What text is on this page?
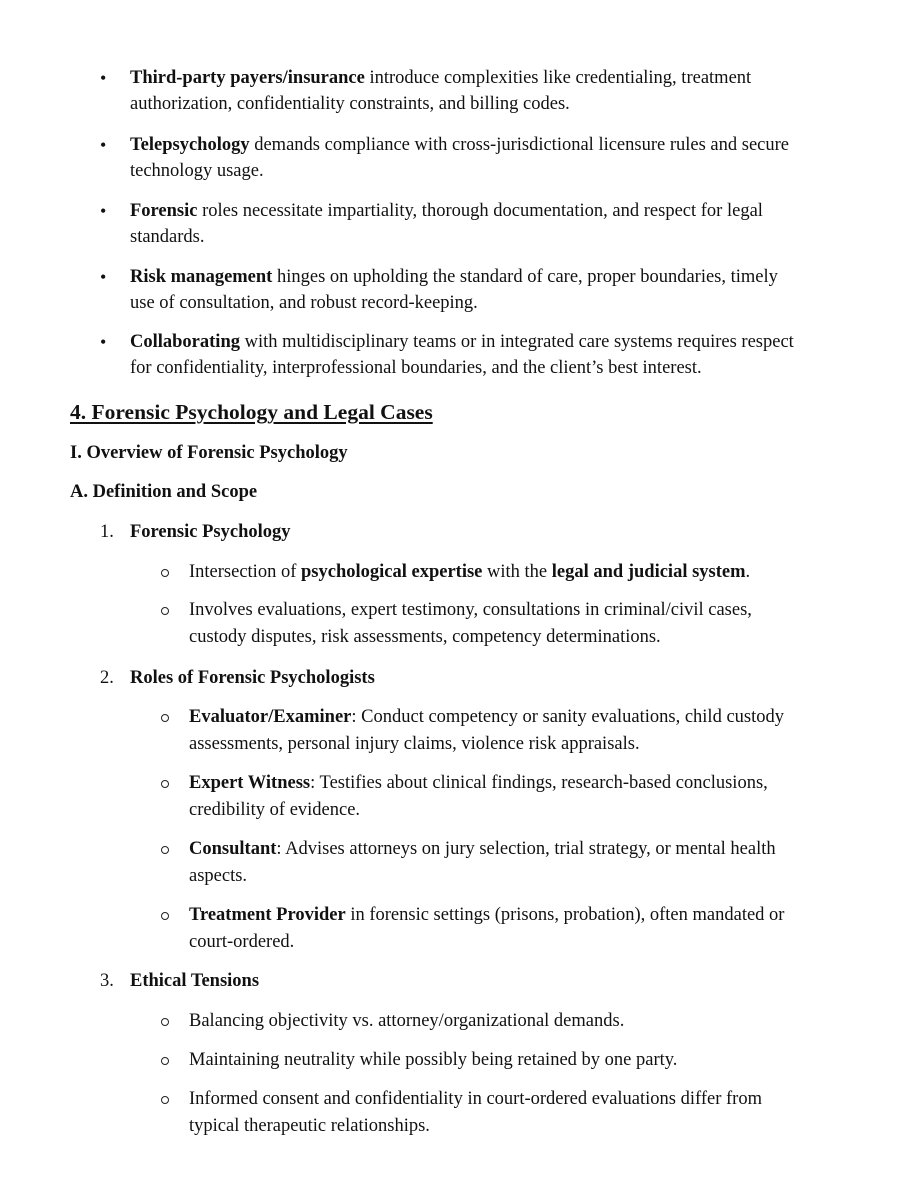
• Third-party payers/insurance introduce complexities like credentialing, treatment
authorization, confidentiality constraints, and billing codes.
• Telepsychology demands compliance with cross-jurisdictional licensure rules and secure
technology usage.
• Forensic roles necessitate impartiality, thorough documentation, and respect for legal
standards.
• Risk management hinges on upholding the standard of care, proper boundaries, timely
use of consultation, and robust record-keeping.
• Collaborating with multidisciplinary teams or in integrated care systems requires respect
for confidentiality, interprofessional boundaries, and the client’s best interest.
4. Forensic Psychology and Legal Cases
I. Overview of Forensic Psychology
A. Definition and Scope
1. Forensic Psychology
Intersection of psychological expertise with the legal and judicial system.
Involves evaluations, expert testimony, consultations in criminal/civil cases,
custody disputes, risk assessments, competency determinations.
2. Roles of Forensic Psychologists
Evaluator/Examiner: Conduct competency or sanity evaluations, child custody
assessments, personal injury claims, violence risk appraisals.
Expert Witness: Testifies about clinical findings, research-based conclusions,
credibility of evidence.
Consultant: Advises attorneys on jury selection, trial strategy, or mental health
aspects.
Treatment Provider in forensic settings (prisons, probation), often mandated or
court-ordered.
3. Ethical Tensions
Balancing objectivity vs. attorney/organizational demands.
Maintaining neutrality while possibly being retained by one party.
Informed consent and confidentiality in court-ordered evaluations differ from
typical therapeutic relationships.
